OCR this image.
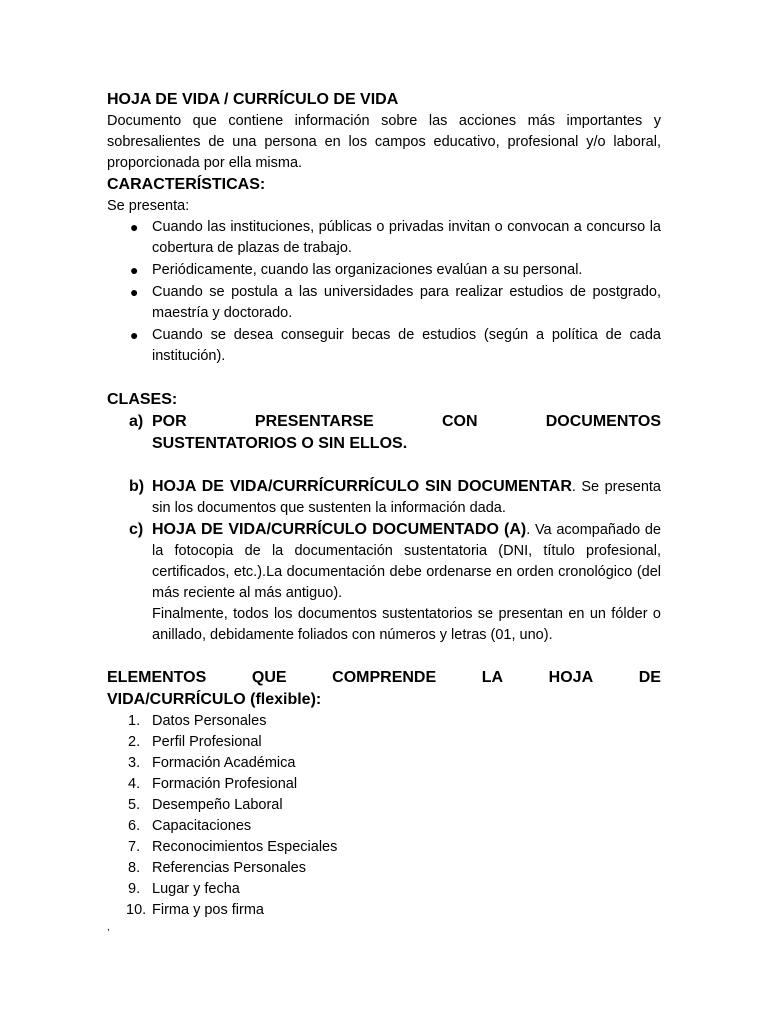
HOJA DE VIDA / CURRÍCULO DE VIDA

Documento que contiene información sobre las acciones más importantes y sobresalientes de una persona en los campos educativo, profesional y/o laboral, proporcionada por ella misma.

CARACTERÍSTICAS:

Se presenta:

● Cuando las instituciones, públicas o privadas invitan o convocan a concurso la cobertura de plazas de trabajo.
● Periódicamente, cuando las organizaciones evalúan a su personal.
● Cuando se postula a las universidades para realizar estudios de postgrado, maestría y doctorado.
● Cuando se desea conseguir becas de estudios (según a política de cada institución).
CLASES:
a) POR	PRESENTARSE	CON	DOCUMENTOS
SUSTENTATORIOS O SIN ELLOS.
b) HOJA DE VIDA/CURRÍCURRÍCULO SIN DOCUMENTAR. Se presenta sin los documentos que sustenten la información dada.
c) HOJA DE VIDA/CURRÍCULO DOCUMENTADO (A). Va acompañado de la fotocopia de la documentación sustentatoria (DNI, título profesional, certificados, etc.).La documentación debe ordenarse en orden cronológico (del más reciente al más antiguo).
Finalmente, todos los documentos sustentatorios se presentan en un fólder o anillado, debidamente foliados con números y letras (01, uno).
ELEMENTOS	QUE	COMPRENDE	LA	HOJA	DE
VIDA/CURRÍCULO (flexible):
1. Datos Personales
2. Perfil Profesional
3. Formación Académica
4. Formación Profesional
5. Desempeño Laboral
6. Capacitaciones
7. Reconocimientos Especiales
8. Referencias Personales
9. Lugar y fecha
10. Firma y pos firma
,
